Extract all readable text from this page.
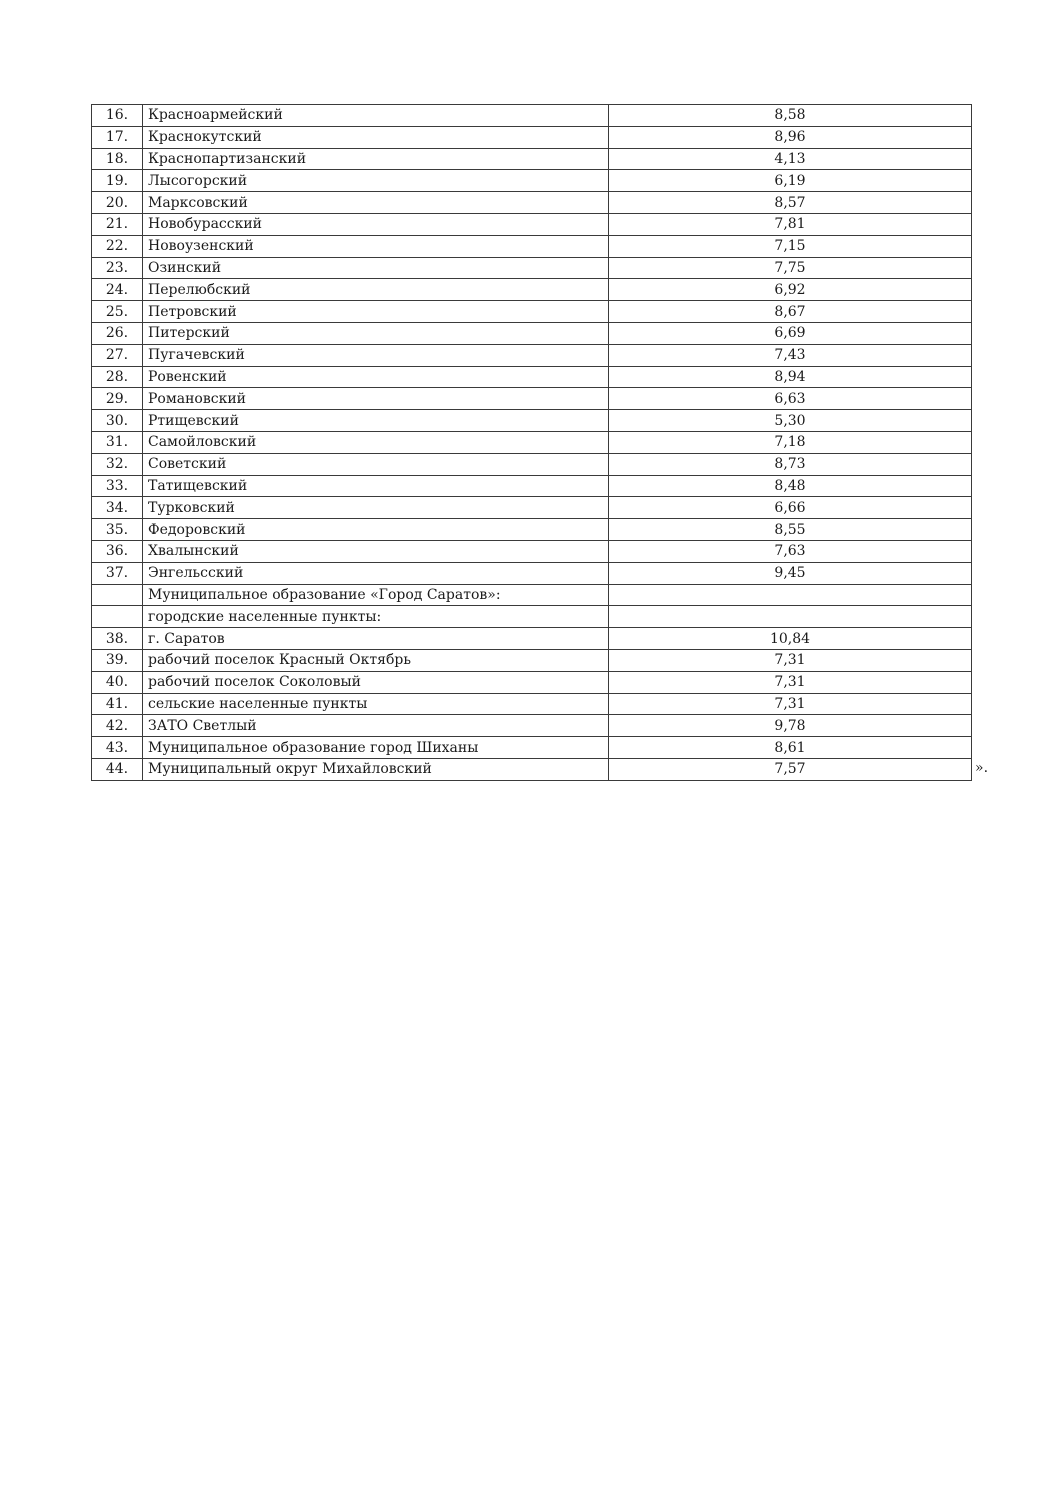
16.	Красноармейский	8,58
17.	Краснокутский	8,96
18.	Краснопартизанский	4,13
19.	Лысогорский	6,19
20.	Марксовский	8,57
21.	Новобурасский	7,81
22.	Новоузенский	7,15
23.	Озинский	7,75
24.	Перелюбский	6,92
25.	Петровский	8,67
26.	Питерский	6,69
27.	Пугачевский	7,43
28.	Ровенский	8,94
29.	Романовский	6,63
30.	Ртищевский	5,30
31.	Самойловский	7,18
32.	Советский	8,73
33.	Татищевский	8,48
34.	Турковский	6,66
35.	Федоровский	8,55
36.	Хвалынский	7,63
37.	Энгельсский	9,45
	Муниципальное образование «Город Саратов»:	
	городские населенные пункты:	
38.	г. Саратов	10,84
39.	рабочий поселок Красный Октябрь	7,31
40.	рабочий поселок Соколовый	7,31
41.	сельские населенные пункты	7,31
42.	ЗАТО Светлый	9,78
43.	Муниципальное образование город Шиханы	8,61
44.	Муниципальный округ Михайловский	7,57	».
